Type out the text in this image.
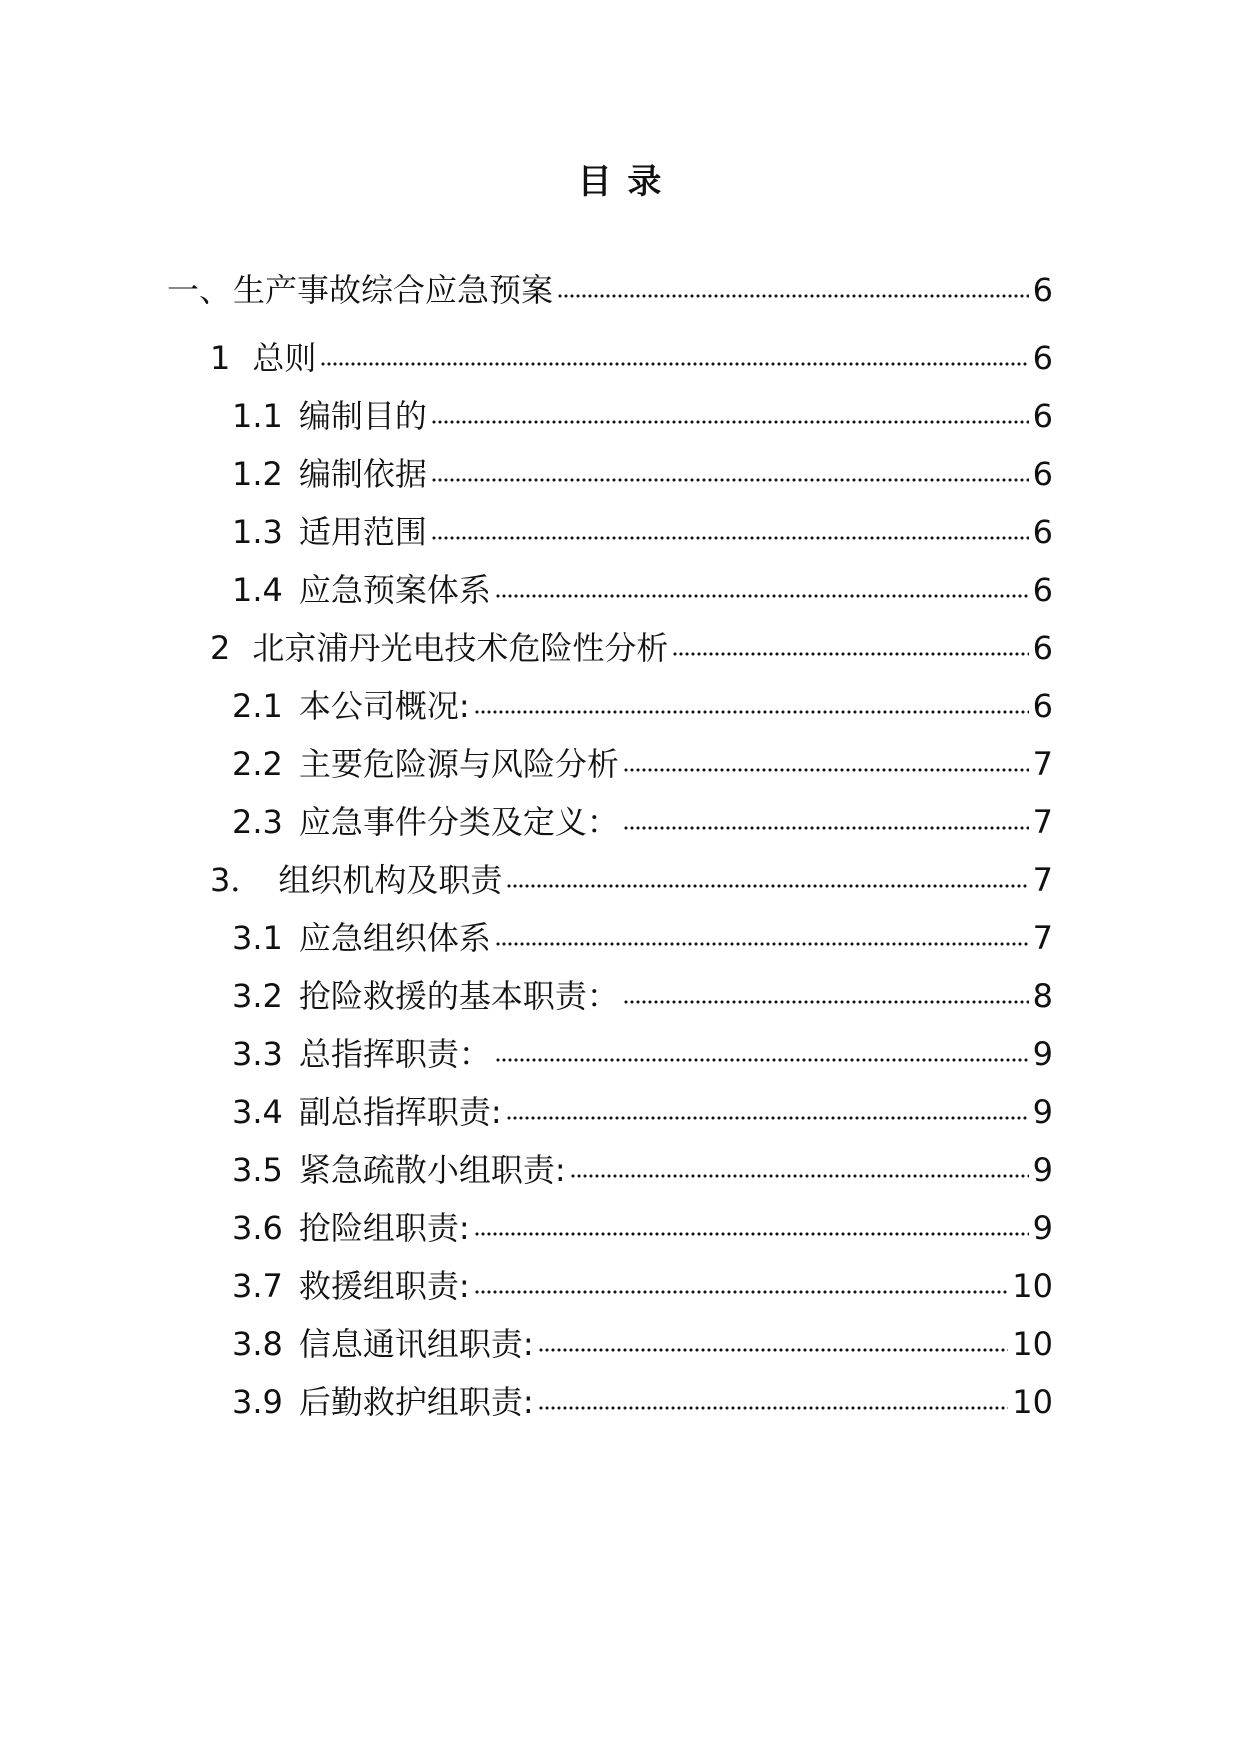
目 录
一、 生产事故综合应急预案	6
1 总则	6
1.1 编制目的	6
1.2 编制依据	6
1.3 适用范围	6
1.4 应急预案体系	6
2 北京浦丹光电技术危险性分析	6
2.1 本公司概况:	6
2.2 主要危险源与风险分析	7
2.3 应急事件分类及定义：	7
3． 组织机构及职责	7
3.1 应急组织体系	7
3.2 抢险救援的基本职责：	8
3.3 总指挥职责：	9
3.4 副总指挥职责:	9
3.5 紧急疏散小组职责:	9
3.6 抢险组职责:	9
3.7 救援组职责:	10
3.8 信息通讯组职责:	10
3.9 后勤救护组职责:	10
